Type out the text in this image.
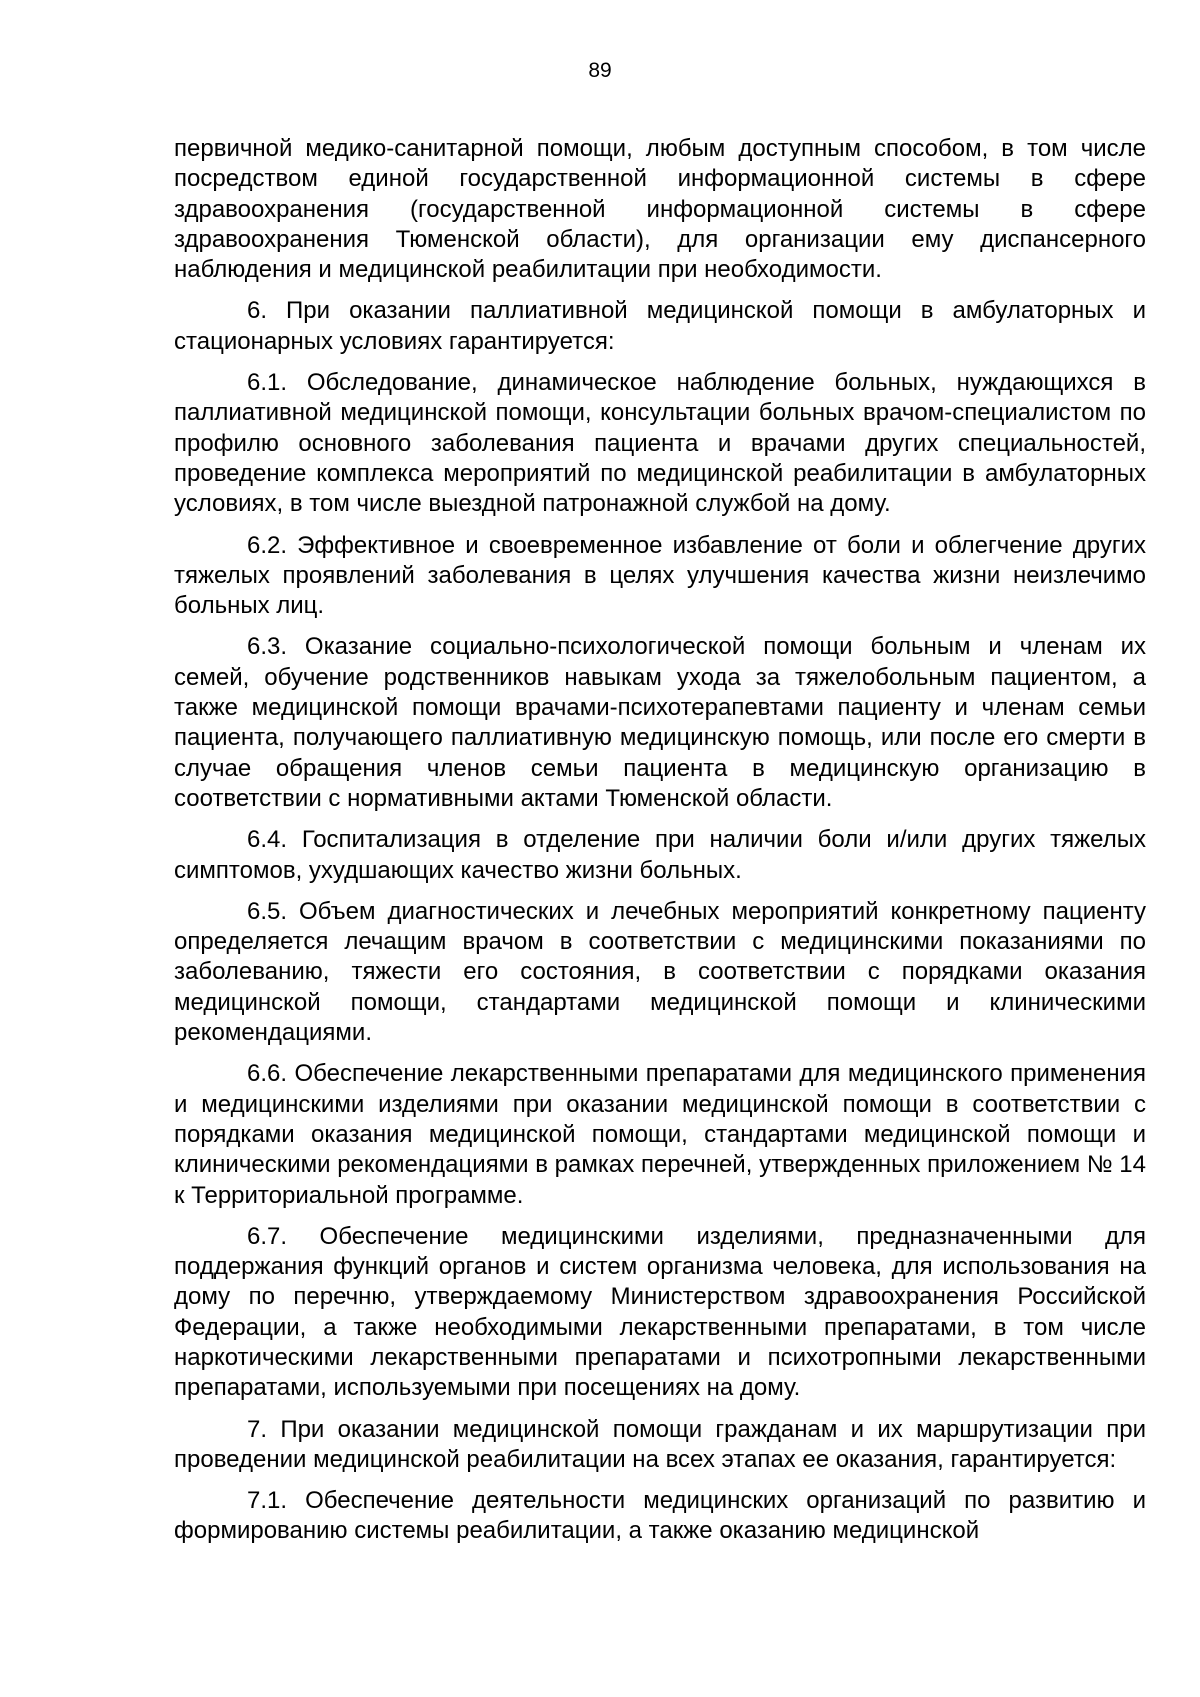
89

первичной медико-санитарной помощи, любым доступным способом, в том числе посредством единой государственной информационной системы в сфере здравоохранения (государственной информационной системы в сфере здравоохранения Тюменской области), для организации ему диспансерного наблюдения и медицинской реабилитации при необходимости.

6. При оказании паллиативной медицинской помощи в амбулаторных и стационарных условиях гарантируется:

6.1. Обследование, динамическое наблюдение больных, нуждающихся в паллиативной медицинской помощи, консультации больных врачом-специалистом по профилю основного заболевания пациента и врачами других специальностей, проведение комплекса мероприятий по медицинской реабилитации в амбулаторных условиях, в том числе выездной патронажной службой на дому.

6.2. Эффективное и своевременное избавление от боли и облегчение других тяжелых проявлений заболевания в целях улучшения качества жизни неизлечимо больных лиц.

6.3. Оказание социально-психологической помощи больным и членам их семей, обучение родственников навыкам ухода за тяжелобольным пациентом, а также медицинской помощи врачами-психотерапевтами пациенту и членам семьи пациента, получающего паллиативную медицинскую помощь, или после его смерти в случае обращения членов семьи пациента в медицинскую организацию в соответствии с нормативными актами Тюменской области.

6.4. Госпитализация в отделение при наличии боли и/или других тяжелых симптомов, ухудшающих качество жизни больных.

6.5. Объем диагностических и лечебных мероприятий конкретному пациенту определяется лечащим врачом в соответствии с медицинскими показаниями по заболеванию, тяжести его состояния, в соответствии с порядками оказания медицинской помощи, стандартами медицинской помощи и клиническими рекомендациями.

6.6. Обеспечение лекарственными препаратами для медицинского применения и медицинскими изделиями при оказании медицинской помощи в соответствии с порядками оказания медицинской помощи, стандартами медицинской помощи и клиническими рекомендациями в рамках перечней, утвержденных приложением № 14 к Территориальной программе.

6.7. Обеспечение медицинскими изделиями, предназначенными для поддержания функций органов и систем организма человека, для использования на дому по перечню, утверждаемому Министерством здравоохранения Российской Федерации, а также необходимыми лекарственными препаратами, в том числе наркотическими лекарственными препаратами и психотропными лекарственными препаратами, используемыми при посещениях на дому.

7. При оказании медицинской помощи гражданам и их маршрутизации при проведении медицинской реабилитации на всех этапах ее оказания, гарантируется:

7.1. Обеспечение деятельности медицинских организаций по развитию и формированию системы реабилитации, а также оказанию медицинской
